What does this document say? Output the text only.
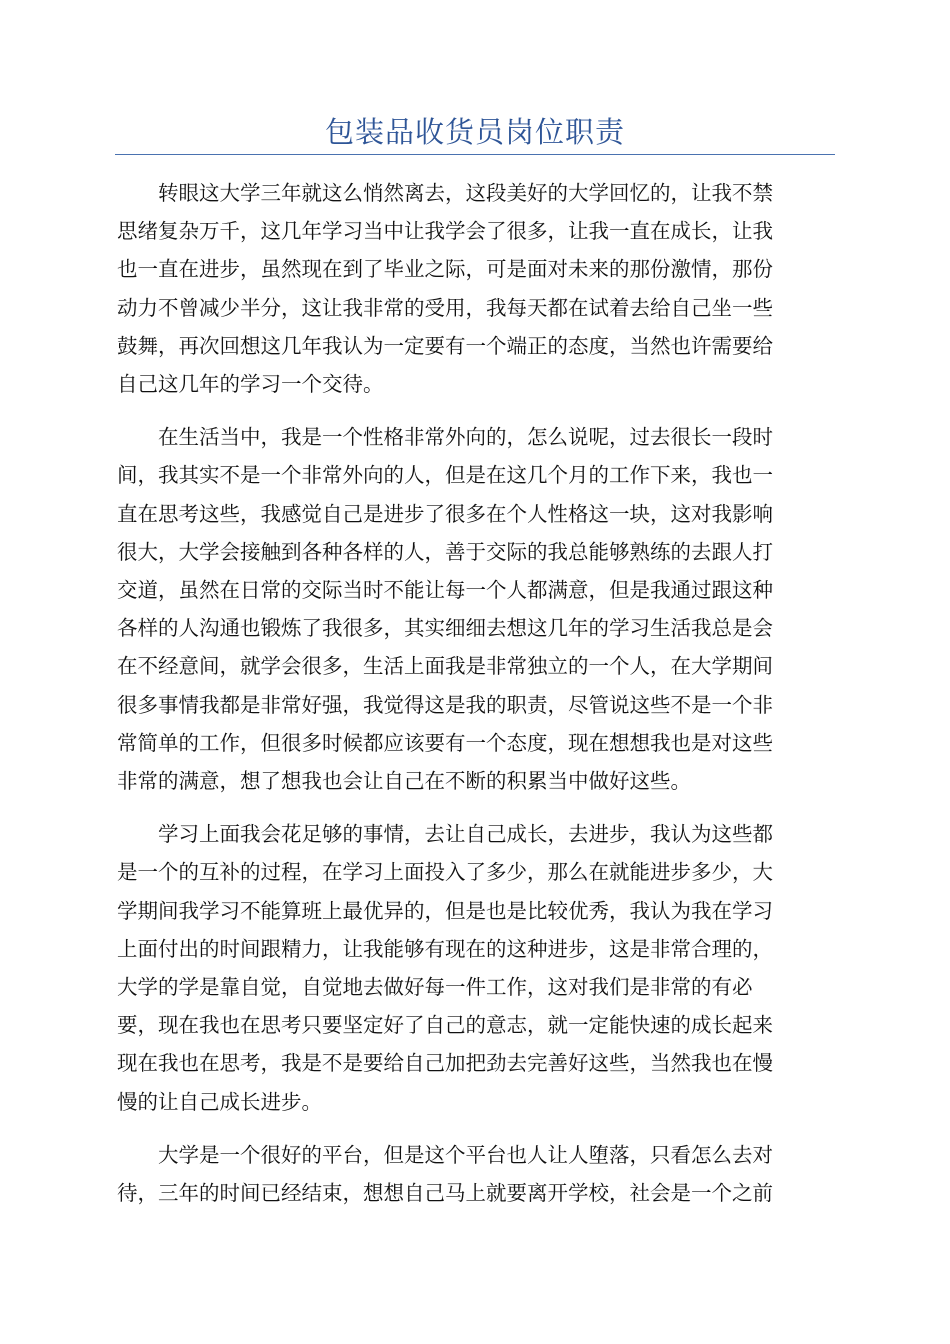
包装品收货员岗位职责

转眼这大学三年就这么悄然离去，这段美好的大学回忆的，让我不禁
思绪复杂万千，这几年学习当中让我学会了很多，让我一直在成长，让我
也一直在进步，虽然现在到了毕业之际，可是面对未来的那份激情，那份
动力不曾减少半分，这让我非常的受用，我每天都在试着去给自己坐一些
鼓舞，再次回想这几年我认为一定要有一个端正的态度，当然也许需要给
自己这几年的学习一个交待。

在生活当中，我是一个性格非常外向的，怎么说呢，过去很长一段时
间，我其实不是一个非常外向的人，但是在这几个月的工作下来，我也一
直在思考这些，我感觉自己是进步了很多在个人性格这一块，这对我影响
很大，大学会接触到各种各样的人，善于交际的我总能够熟练的去跟人打
交道，虽然在日常的交际当时不能让每一个人都满意，但是我通过跟这种
各样的人沟通也锻炼了我很多，其实细细去想这几年的学习生活我总是会
在不经意间，就学会很多，生活上面我是非常独立的一个人，在大学期间
很多事情我都是非常好强，我觉得这是我的职责，尽管说这些不是一个非
常简单的工作，但很多时候都应该要有一个态度，现在想想我也是对这些
非常的满意，想了想我也会让自己在不断的积累当中做好这些。

学习上面我会花足够的事情，去让自己成长，去进步，我认为这些都
是一个的互补的过程，在学习上面投入了多少，那么在就能进步多少，大
学期间我学习不能算班上最优异的，但是也是比较优秀，我认为我在学习
上面付出的时间跟精力，让我能够有现在的这种进步，这是非常合理的，
大学的学是靠自觉，自觉地去做好每一件工作，这对我们是非常的有必
要，现在我也在思考只要坚定好了自己的意志，就一定能快速的成长起来
现在我也在思考，我是不是要给自己加把劲去完善好这些，当然我也在慢
慢的让自己成长进步。

大学是一个很好的平台，但是这个平台也人让人堕落，只看怎么去对
待，三年的时间已经结束，想想自己马上就要离开学校，社会是一个之前
